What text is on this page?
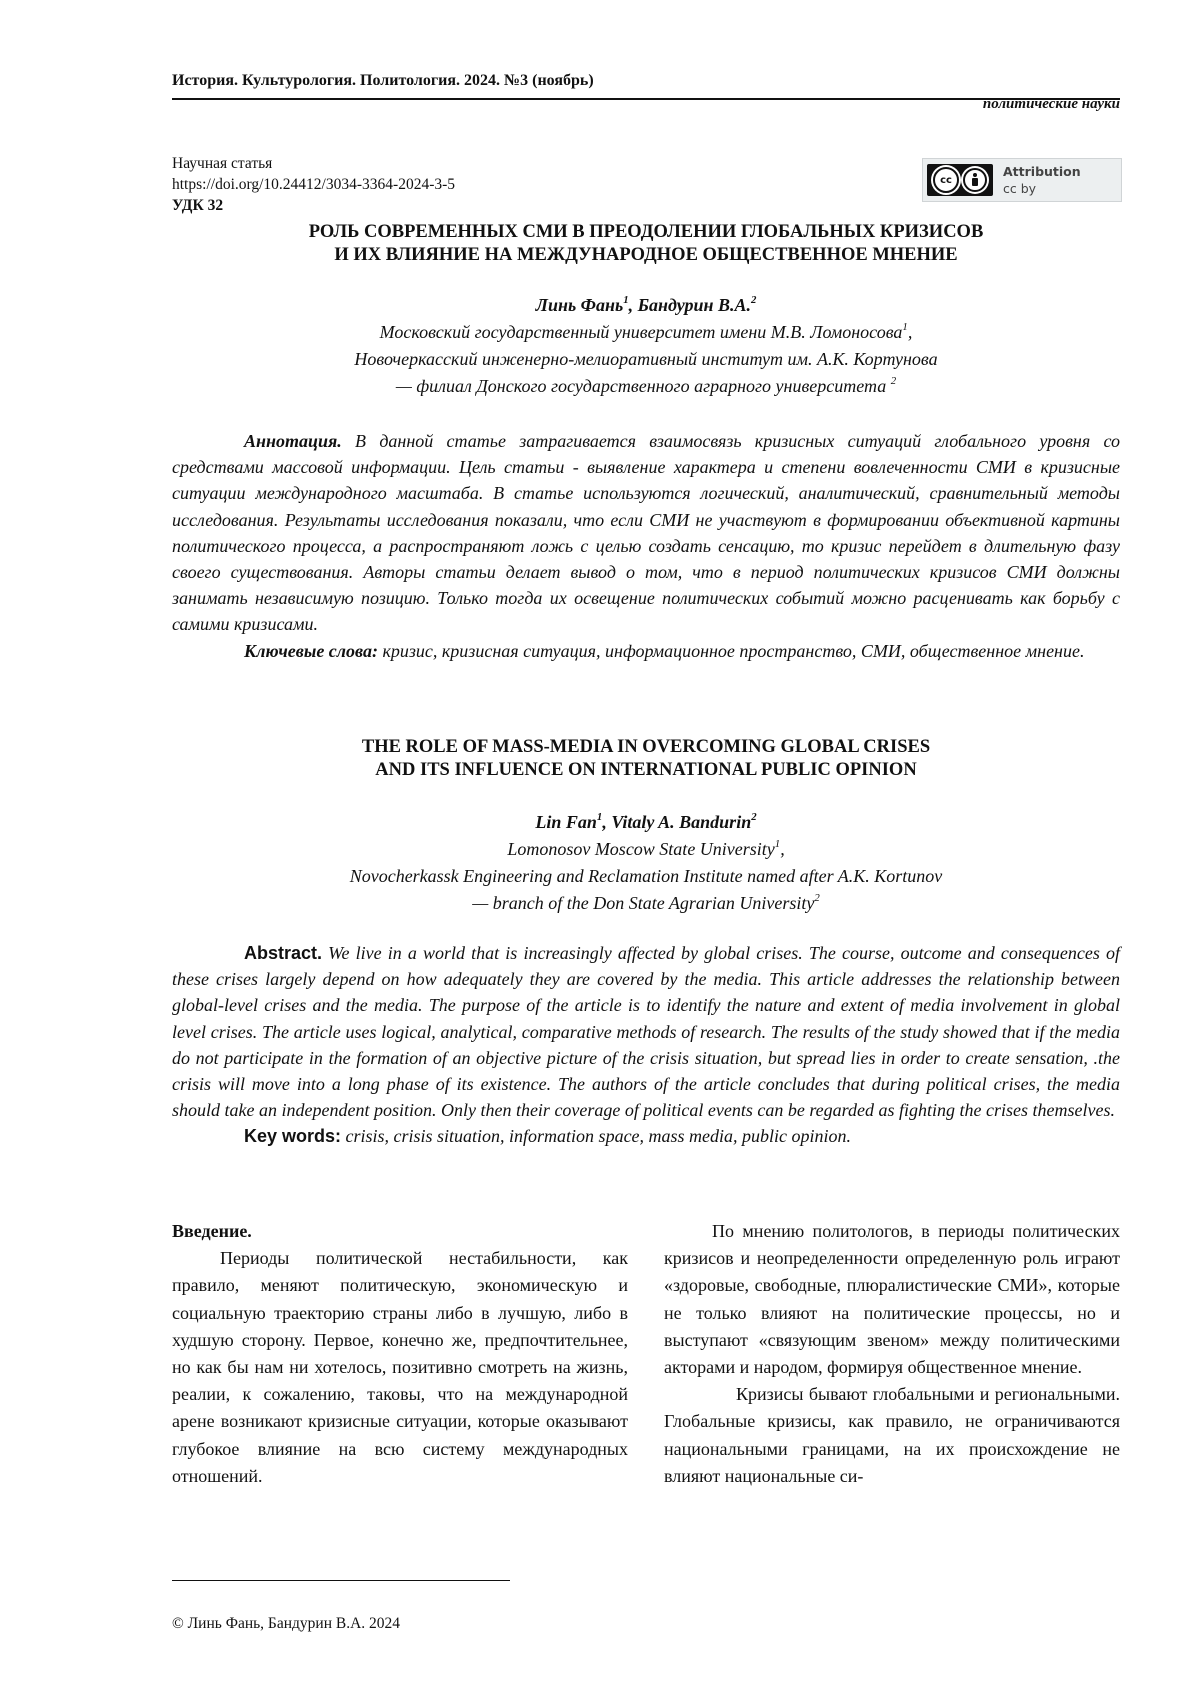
История. Культурология. Политология. 2024. №3 (ноябрь)
политические науки
Научная статья
https://doi.org/10.24412/3034-3364-2024-3-5
УДК 32
cc
Attribution
cc by
РОЛЬ СОВРЕМЕННЫХ СМИ В ПРЕОДОЛЕНИИ ГЛОБАЛЬНЫХ КРИЗИСОВ
И ИХ ВЛИЯНИЕ НА МЕЖДУНАРОДНОЕ ОБЩЕСТВЕННОЕ МНЕНИЕ
Линь Фань$^1$, Бандурин В.А.$^2$
Московский государственный университет имени М.В. Ломоносова$^1$,
Новочеркасский инженерно-мелиоративный институт им. А.К. Кортунова
— филиал Донского государственного аграрного университета $^2$

Аннотация. В данной статье затрагивается взаимосвязь кризисных ситуаций глобального уровня со средствами массовой информации. Цель статьи - выявление характера и степени вовлеченности СМИ в кризисные ситуации международного масштаба. В статье используются логический, аналитический, сравнительный методы исследования. Результаты исследования показали, что если СМИ не участвуют в формировании объективной картины политического процесса, а распространяют ложь с целью создать сенсацию, то кризис перейдет в длительную фазу своего существования. Авторы статьи делает вывод о том, что в период политических кризисов СМИ должны занимать независимую позицию. Только тогда их освещение политических событий можно расценивать как борьбу с самими кризисами.

Ключевые слова: кризис, кризисная ситуация, информационное пространство, СМИ, общественное мнение.

THE ROLE OF MASS-MEDIA IN OVERCOMING GLOBAL CRISES
AND ITS INFLUENCE ON INTERNATIONAL PUBLIC OPINION
Lin Fan$^1$, Vitaly A. Bandurin$^2$
Lomonosov Moscow State University$^1$,
Novocherkassk Engineering and Reclamation Institute named after A.K. Kortunov
— branch of the Don State Agrarian University$^2$

Abstract. We live in a world that is increasingly affected by global crises. The course, outcome and consequences of these crises largely depend on how adequately they are covered by the media. This article addresses the relationship between global-level crises and the media. The purpose of the article is to identify the nature and extent of media involvement in global level crises. The article uses logical, analytical, comparative methods of research. The results of the study showed that if the media do not participate in the formation of an objective picture of the crisis situation, but spread lies in order to create sensation, .the crisis will move into a long phase of its existence. The authors of the article concludes that during political crises, the media should take an independent position. Only then their coverage of political events can be regarded as fighting the crises themselves.

Key words: crisis, crisis situation, information space, mass media, public opinion.

Введение.

Периоды политической нестабильности, как правило, меняют политическую, экономическую и социальную траекторию страны либо в лучшую, либо в худшую сторону. Первое, конечно же, предпочтительнее, но как бы нам ни хотелось, позитивно смотреть на жизнь, реалии, к сожалению, таковы, что на международной арене возникают кризисные ситуации, которые оказывают глубокое влияние на всю систему международных отношений.

По мнению политологов, в периоды политических кризисов и неопределенности определенную роль играют «здоровые, свободные, плюралистические СМИ», которые не только влияют на политические процессы, но и выступают «связующим звеном» между политическими акторами и народом, формируя общественное мнение.

Кризисы бывают глобальными и региональными. Глобальные кризисы, как правило, не ограничиваются национальными границами, на их происхождение не влияют национальные си-

© Линь Фань, Бандурин В.А. 2024
